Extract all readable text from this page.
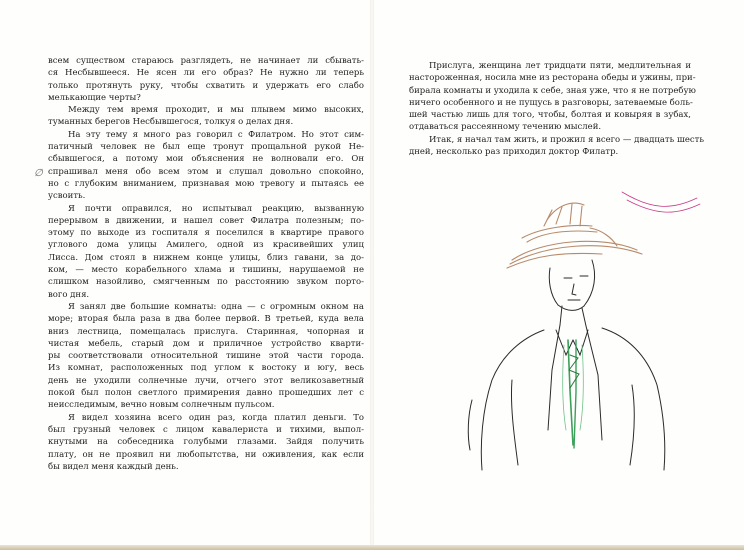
∅

всем существом стараюсь разглядеть, не начинает ли сбывать-
ся Несбывшееся. Не ясен ли его образ? Не нужно ли теперь
только протянуть руку, чтобы схватить и удержать его слабо
мелькающие черты?

Между тем время проходит, и мы плывем мимо высоких,
туманных берегов Несбывшегося, толкуя о делах дня.

На эту тему я много раз говорил с Филатром. Но этот сим-
патичный человек не был еще тронут прощальной рукой Не-
сбывшегося, а потому мои объяснения не волновали его. Он
спрашивал меня обо всем этом и слушал довольно спокойно,
но с глубоким вниманием, признавая мою тревогу и пытаясь ее
усвоить.

Я почти оправился, но испытывал реакцию, вызванную
перерывом в движении, и нашел совет Филатра полезным; по-
этому по выходе из госпиталя я поселился в квартире правого
углового дома улицы Амилего, одной из красивейших улиц
Лисса. Дом стоял в нижнем конце улицы, близ гавани, за до-
ком, — место корабельного хлама и тишины, нарушаемой не
слишком назойливо, смягченным по расстоянию звуком порто-
вого дня.

Я занял две большие комнаты: одна — с огромным окном на
море; вторая была раза в два более первой. В третьей, куда вела
вниз лестница, помещалась прислуга. Старинная, чопорная и
чистая мебель, старый дом и приличное устройство кварти-
ры соответствовали относительной тишине этой части города.
Из комнат, расположенных под углом к востоку и югу, весь
день не уходили солнечные лучи, отчего этот великозаветный
покой был полон светлого примирения давно прошедших лет с
неисследимым, вечно новым солнечным пульсом.

Я видел хозяина всего один раз, когда платил деньги. То
был грузный человек с лицом кавалериста и тихими, выпол-
кнутыми на собеседника голубыми глазами. Зайдя получить
плату, он не проявил ни любопытства, ни оживления, как если
бы видел меня каждый день.

Прислуга, женщина лет тридцати пяти, медлительная и
настороженная, носила мне из ресторана обеды и ужины, при-
бирала комнаты и уходила к себе, зная уже, что я не потребую
ничего особенного и не пущусь в разговоры, затеваемые боль-
шей частью лишь для того, чтобы, болтая и ковыряя в зубах,
отдаваться рассеянному течению мыслей.

Итак, я начал там жить, и прожил я всего — двадцать шесть
дней, несколько раз приходил доктор Филатр.
